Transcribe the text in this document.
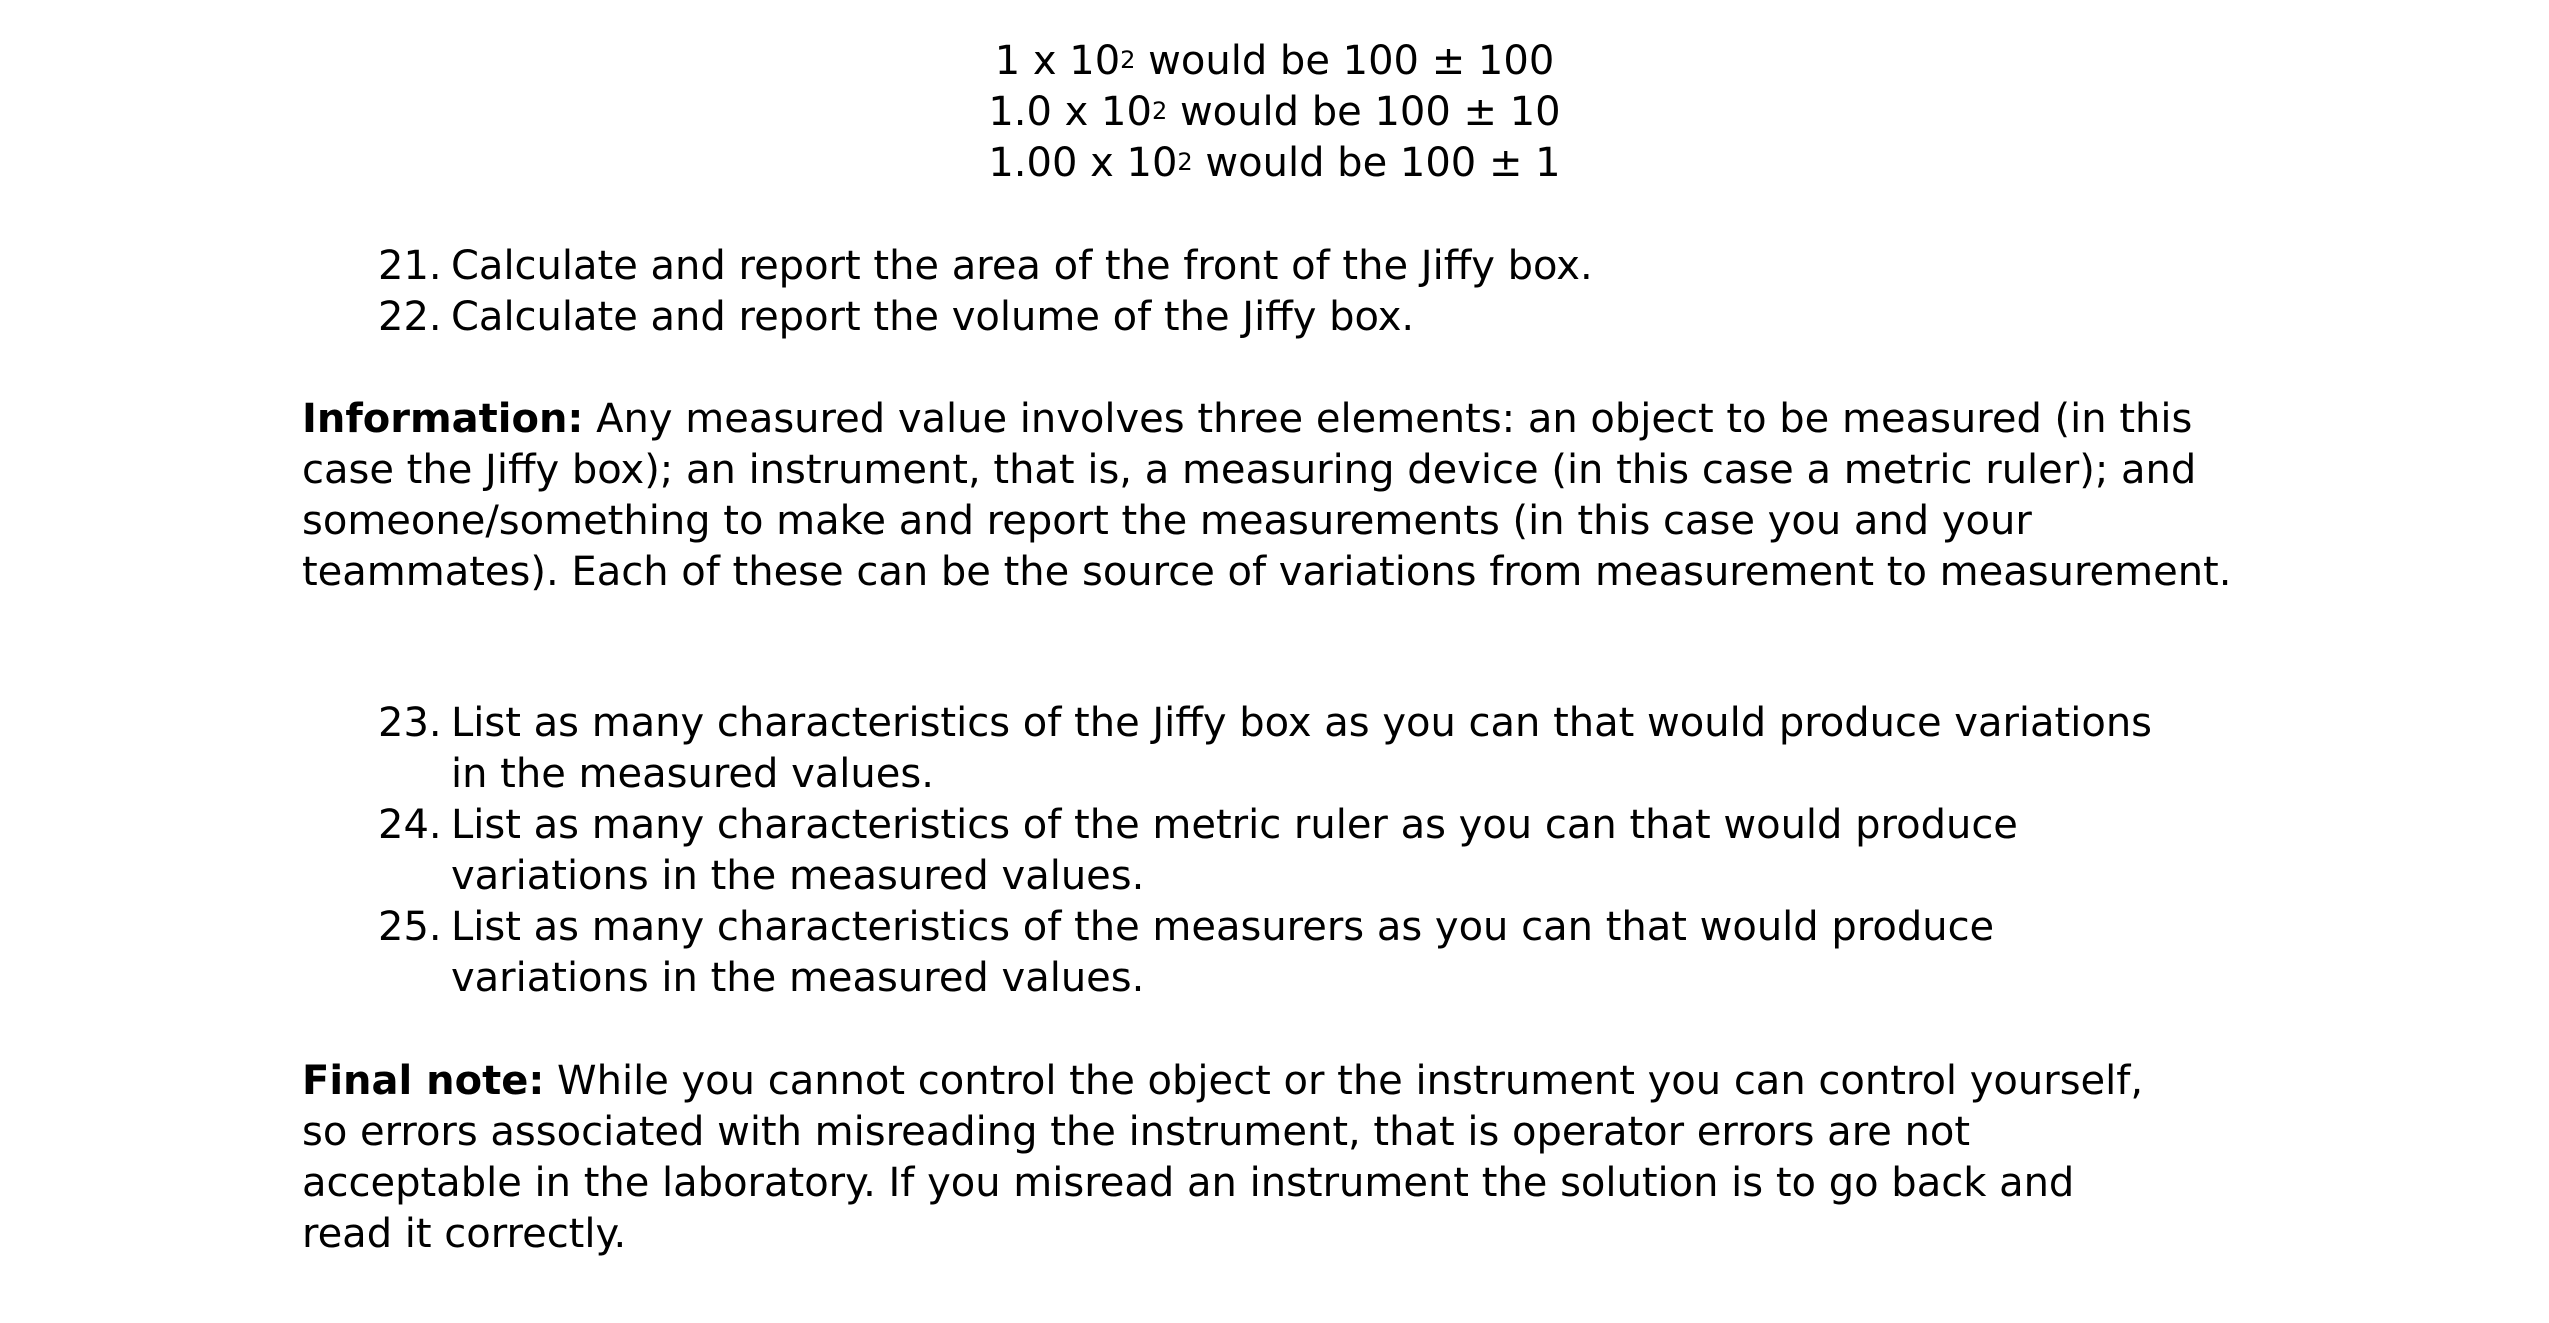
1 x $10^2$ would be 100 ± 100
1.0 x $10^2$ would be 100 ± 10
1.00 x $10^2$ would be 100 ± 1
21. Calculate and report the area of the front of the Jiffy box.
22. Calculate and report the volume of the Jiffy box.
Information: Any measured value involves three elements: an object to be measured (in this case the Jiffy box); an instrument, that is, a measuring device (in this case a metric ruler); and someone/something to make and report the measurements (in this case you and your teammates). Each of these can be the source of variations from measurement to measurement.
23. List as many characteristics of the Jiffy box as you can that would produce variations
in the measured values.
24. List as many characteristics of the metric ruler as you can that would produce
variations in the measured values.
25. List as many characteristics of the measurers as you can that would produce
variations in the measured values.
Final note: While you cannot control the object or the instrument you can control yourself,
so errors associated with misreading the instrument, that is operator errors are not
acceptable in the laboratory. If you misread an instrument the solution is to go back and
read it correctly.
